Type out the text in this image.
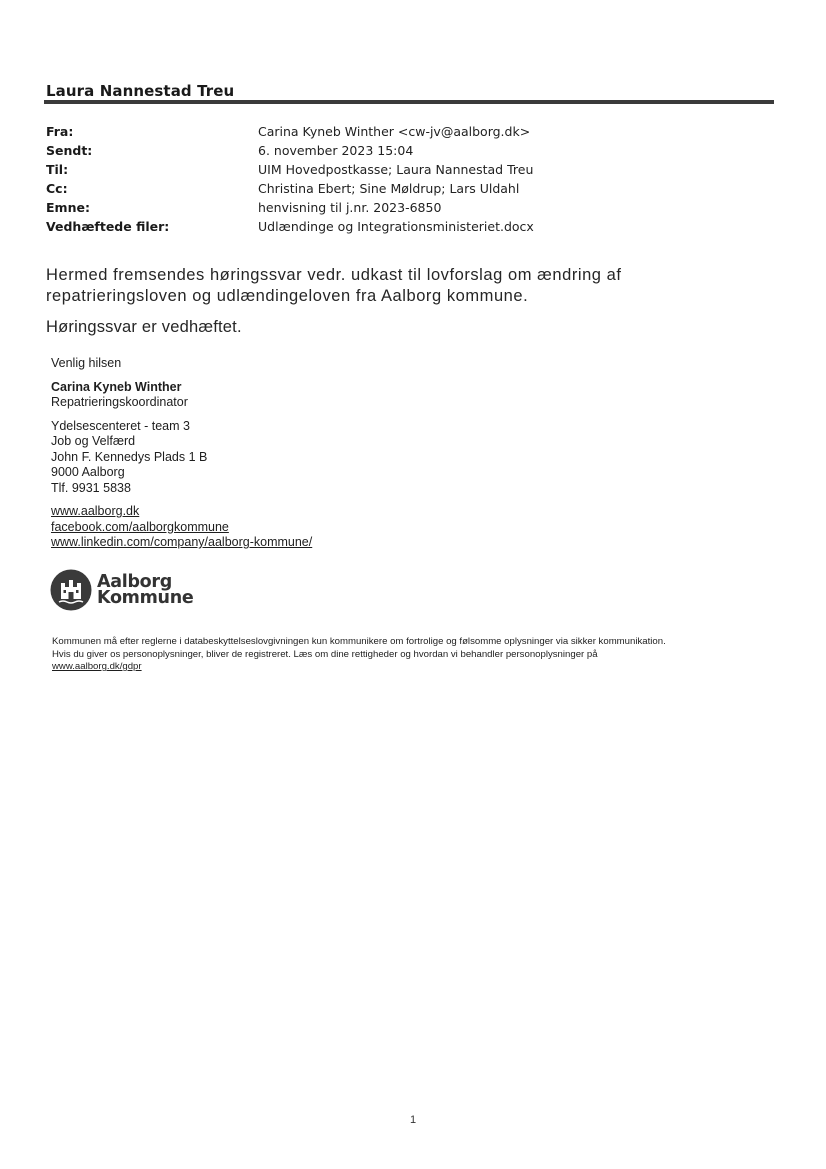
Laura Nannestad Treu
Fra:	Carina Kyneb Winther <cw-jv@aalborg.dk>
Sendt:	6. november 2023 15:04
Til:	UIM Hovedpostkasse; Laura Nannestad Treu
Cc:	Christina Ebert; Sine Møldrup; Lars Uldahl
Emne:	henvisning til j.nr. 2023-6850
Vedhæftede filer:	Udlændinge og Integrationsministeriet.docx

Hermed fremsendes høringssvar vedr. udkast til lovforslag om ændring af
repatrieringsloven og udlændingeloven fra Aalborg kommune.

Høringssvar er vedhæftet.

Venlig hilsen
Carina Kyneb Winther
Repatrieringskoordinator
Ydelsescenteret - team 3
Job og Velfærd
John F. Kennedys Plads 1 B
9000 Aalborg
Tlf. 9931 5838
www.aalborg.dk
facebook.com/aalborgkommune
www.linkedin.com/company/aalborg-kommune/
Aalborg
Kommune
Kommunen må efter reglerne i databeskyttelseslovgivningen kun kommunikere om fortrolige og følsomme oplysninger via sikker kommunikation.
Hvis du giver os personoplysninger, bliver de registreret. Læs om dine rettigheder og hvordan vi behandler personoplysninger på
www.aalborg.dk/gdpr
1
